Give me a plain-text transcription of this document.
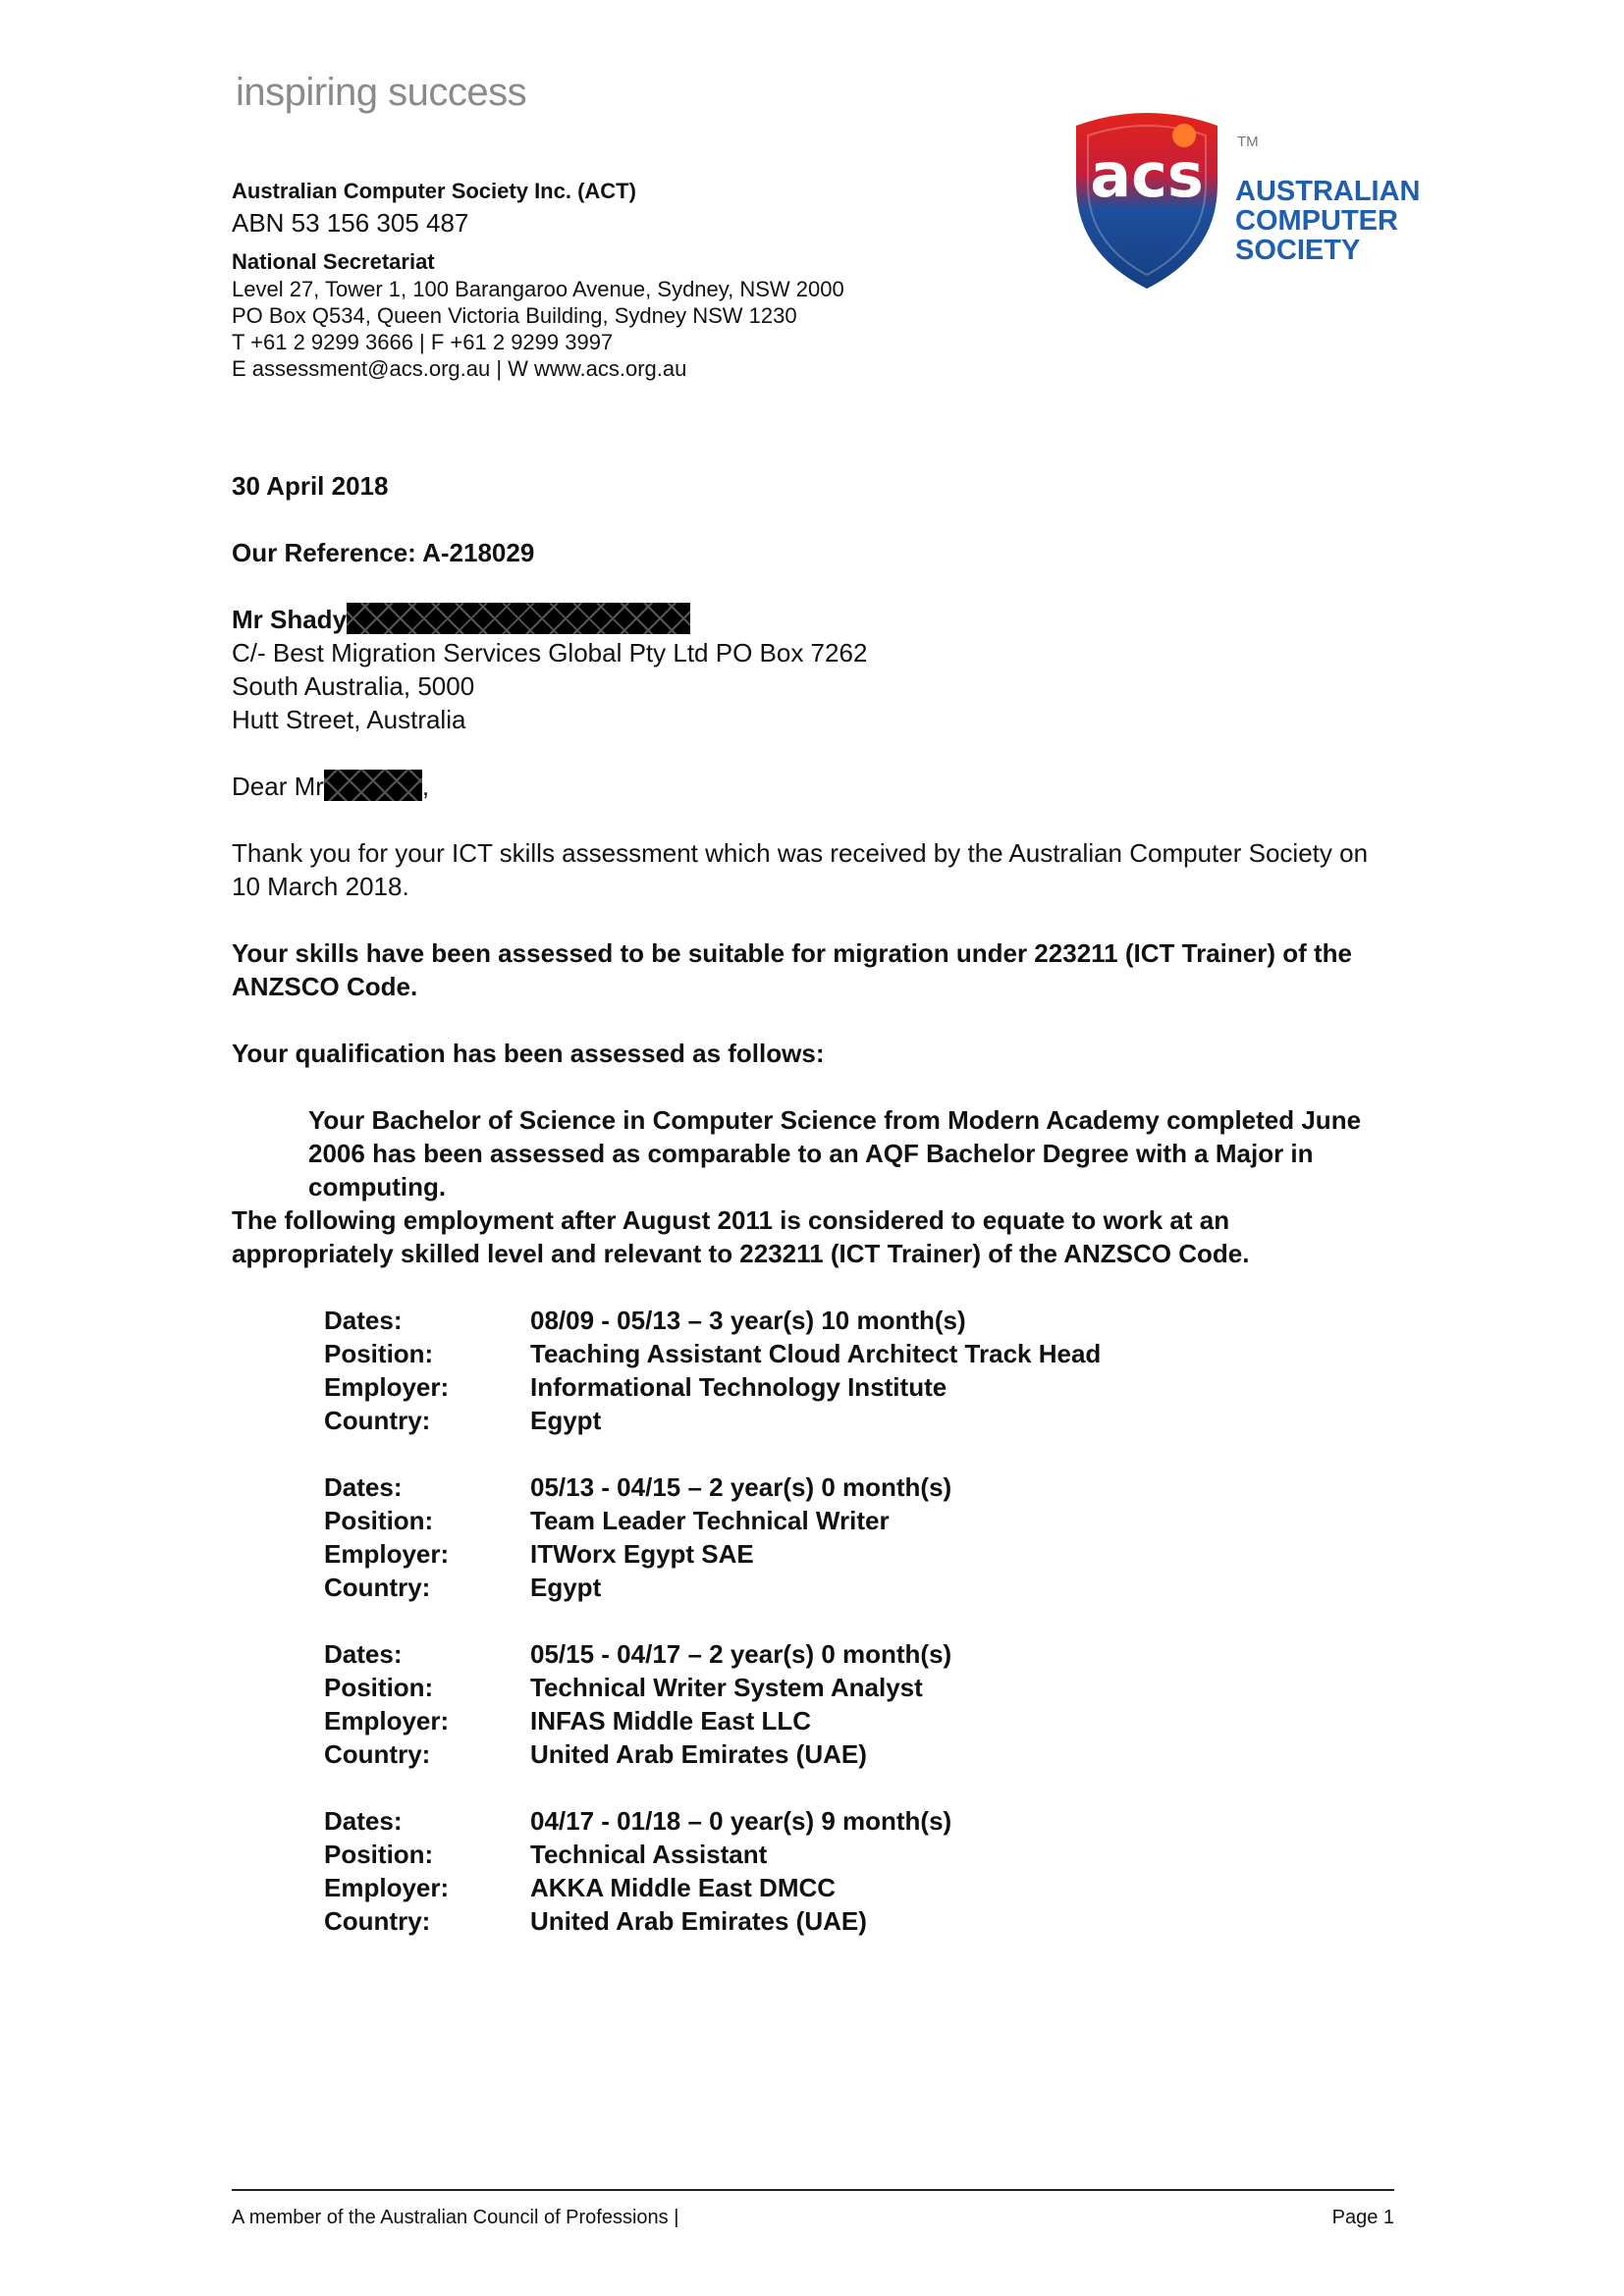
inspiring success
Australian Computer Society Inc. (ACT)
ABN 53 156 305 487
National Secretariat
Level 27, Tower 1, 100 Barangaroo Avenue, Sydney, NSW 2000
PO Box Q534, Queen Victoria Building, Sydney NSW 1230
T +61 2 9299 3666 | F +61 2 9299 3997
E assessment@acs.org.au | W www.acs.org.au
acs TM
AUSTRALIAN
COMPUTER
SOCIETY
30 April 2018
Our Reference: A-218029
Mr Shady
C/- Best Migration Services Global Pty Ltd PO Box 7262
South Australia, 5000
Hutt Street, Australia
Dear Mr	,
Thank you for your ICT skills assessment which was received by the Australian Computer Society on 10 March 2018.
Your skills have been assessed to be suitable for migration under 223211 (ICT Trainer) of the ANZSCO Code.
Your qualification has been assessed as follows:
Your Bachelor of Science in Computer Science from Modern Academy completed June 2006 has been assessed as comparable to an AQF Bachelor Degree with a Major in computing.
The following employment after August 2011 is considered to equate to work at an appropriately skilled level and relevant to 223211 (ICT Trainer) of the ANZSCO Code.
Dates:	08/09 - 05/13 – 3 year(s) 10 month(s)
Position:	Teaching Assistant Cloud Architect Track Head
Employer:	Informational Technology Institute
Country:	Egypt
Dates:	05/13 - 04/15 – 2 year(s) 0 month(s)
Position:	Team Leader Technical Writer
Employer:	ITWorx Egypt SAE
Country:	Egypt
Dates:	05/15 - 04/17 – 2 year(s) 0 month(s)
Position:	Technical Writer System Analyst
Employer:	INFAS Middle East LLC
Country:	United Arab Emirates (UAE)
Dates:	04/17 - 01/18 – 0 year(s) 9 month(s)
Position:	Technical Assistant
Employer:	AKKA Middle East DMCC
Country:	United Arab Emirates (UAE)
A member of the Australian Council of Professions |	Page 1
